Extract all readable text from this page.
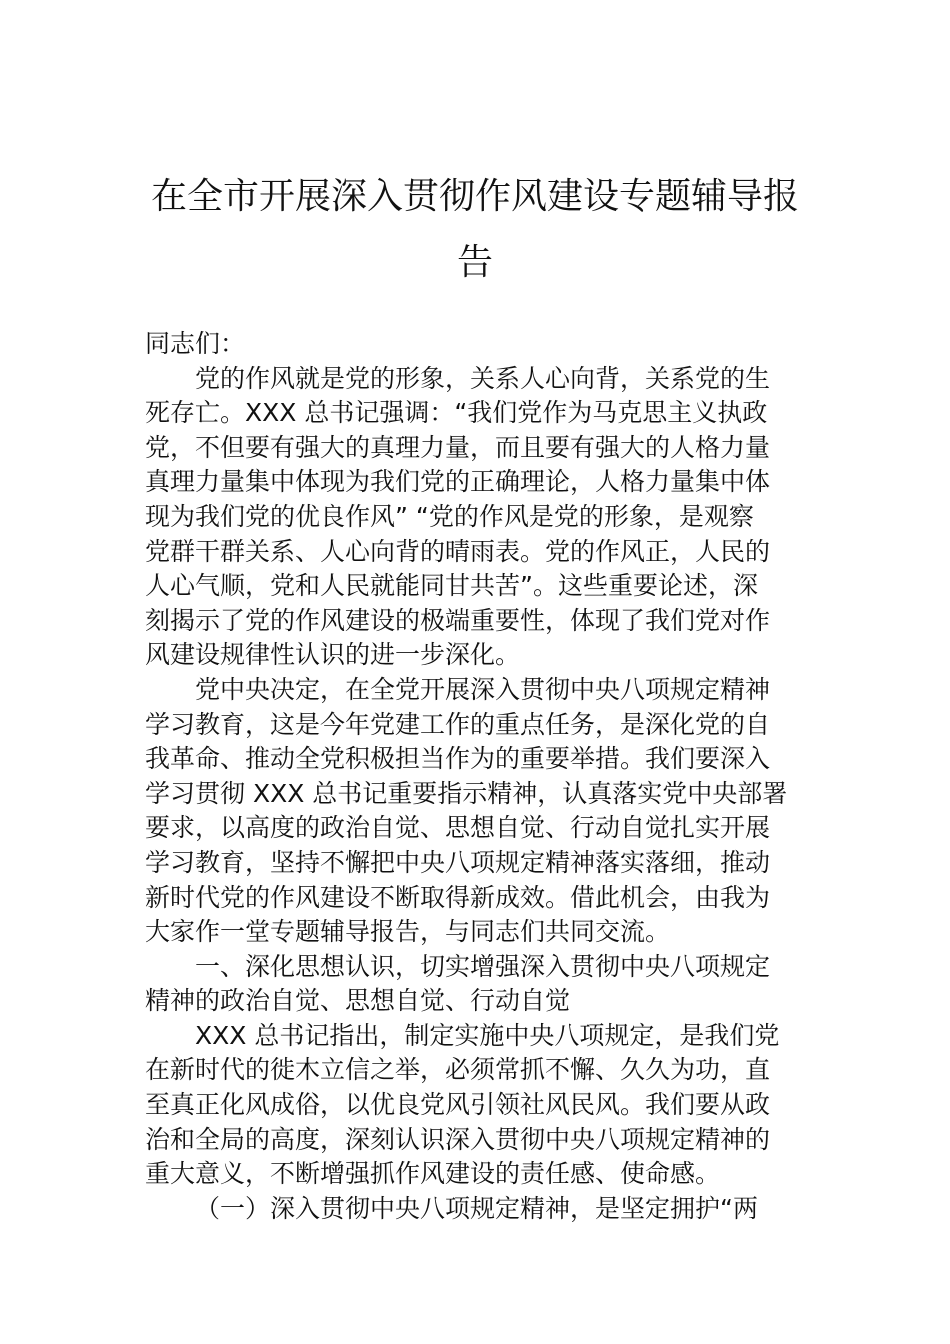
在全市开展深入贯彻作风建设专题辅导报
告

同志们：

党的作风就是党的形象，关系人心向背，关系党的生

死存亡。XXX 总书记强调：“我们党作为马克思主义执政

党，不但要有强大的真理力量，而且要有强大的人格力量

真理力量集中体现为我们党的正确理论，人格力量集中体

现为我们党的优良作风” “党的作风是党的形象，是观察

党群干群关系、人心向背的晴雨表。党的作风正，人民的

人心气顺，党和人民就能同甘共苦”。这些重要论述，深

刻揭示了党的作风建设的极端重要性，体现了我们党对作

风建设规律性认识的进一步深化。

党中央决定，在全党开展深入贯彻中央八项规定精神

学习教育，这是今年党建工作的重点任务，是深化党的自

我革命、推动全党积极担当作为的重要举措。我们要深入

学习贯彻 XXX 总书记重要指示精神，认真落实党中央部署

要求，以高度的政治自觉、思想自觉、行动自觉扎实开展

学习教育，坚持不懈把中央八项规定精神落实落细，推动

新时代党的作风建设不断取得新成效。借此机会，由我为

大家作一堂专题辅导报告，与同志们共同交流。

一、深化思想认识，切实增强深入贯彻中央八项规定

精神的政治自觉、思想自觉、行动自觉

XXX 总书记指出，制定实施中央八项规定，是我们党

在新时代的徙木立信之举，必须常抓不懈、久久为功，直

至真正化风成俗，以优良党风引领社风民风。我们要从政

治和全局的高度，深刻认识深入贯彻中央八项规定精神的

重大意义，不断增强抓作风建设的责任感、使命感。

（一）深入贯彻中央八项规定精神，是坚定拥护“两
